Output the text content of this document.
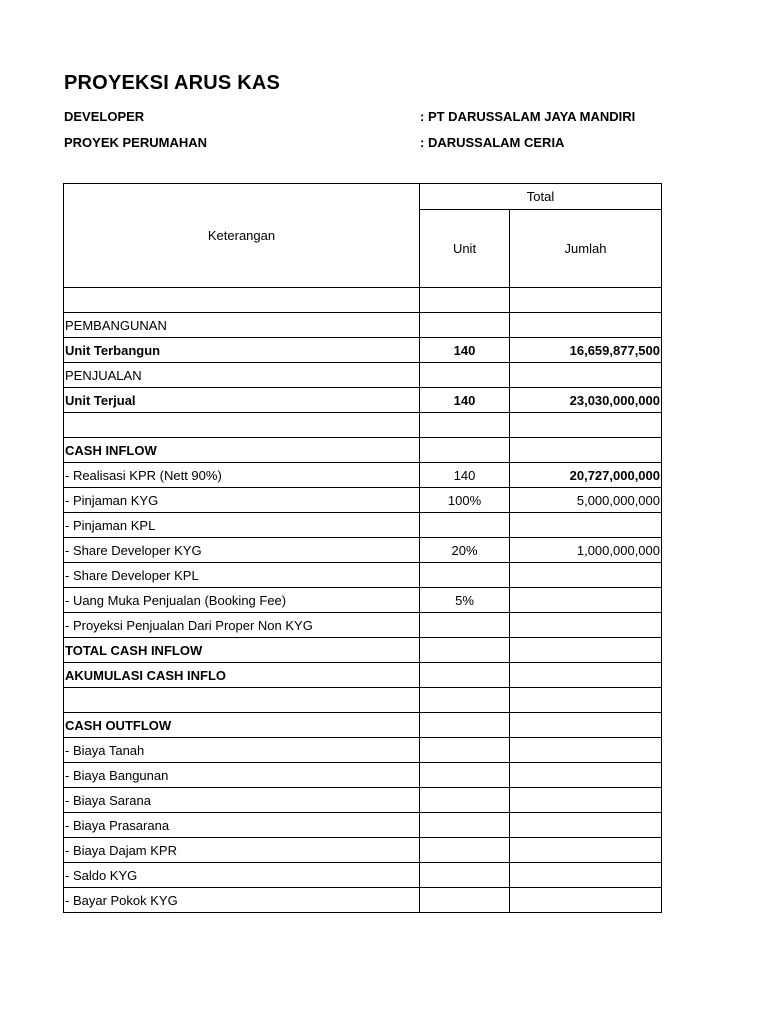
PROYEKSI ARUS KAS
DEVELOPER	: PT DARUSSALAM JAYA MANDIRI
PROYEK PERUMAHAN	: DARUSSALAM CERIA
Keterangan	Total	
	Unit	Jumlah

PEMBANGUNAN		
Unit Terbangun	140	16,659,877,500
PENJUALAN		
Unit Terjual	140	23,030,000,000

CASH INFLOW		
- Realisasi KPR (Nett 90%)	140	20,727,000,000
- Pinjaman KYG	100%	5,000,000,000
- Pinjaman KPL		
- Share Developer KYG	20%	1,000,000,000
- Share Developer KPL		
- Uang Muka Penjualan (Booking Fee)	5%	
- Proyeksi Penjualan Dari Proper Non KYG		
TOTAL CASH INFLOW		
AKUMULASI CASH INFLO		

CASH OUTFLOW		
- Biaya Tanah		
- Biaya Bangunan		
- Biaya Sarana		
- Biaya Prasarana		
- Biaya Dajam KPR		
- Saldo KYG		
- Bayar Pokok KYG		
